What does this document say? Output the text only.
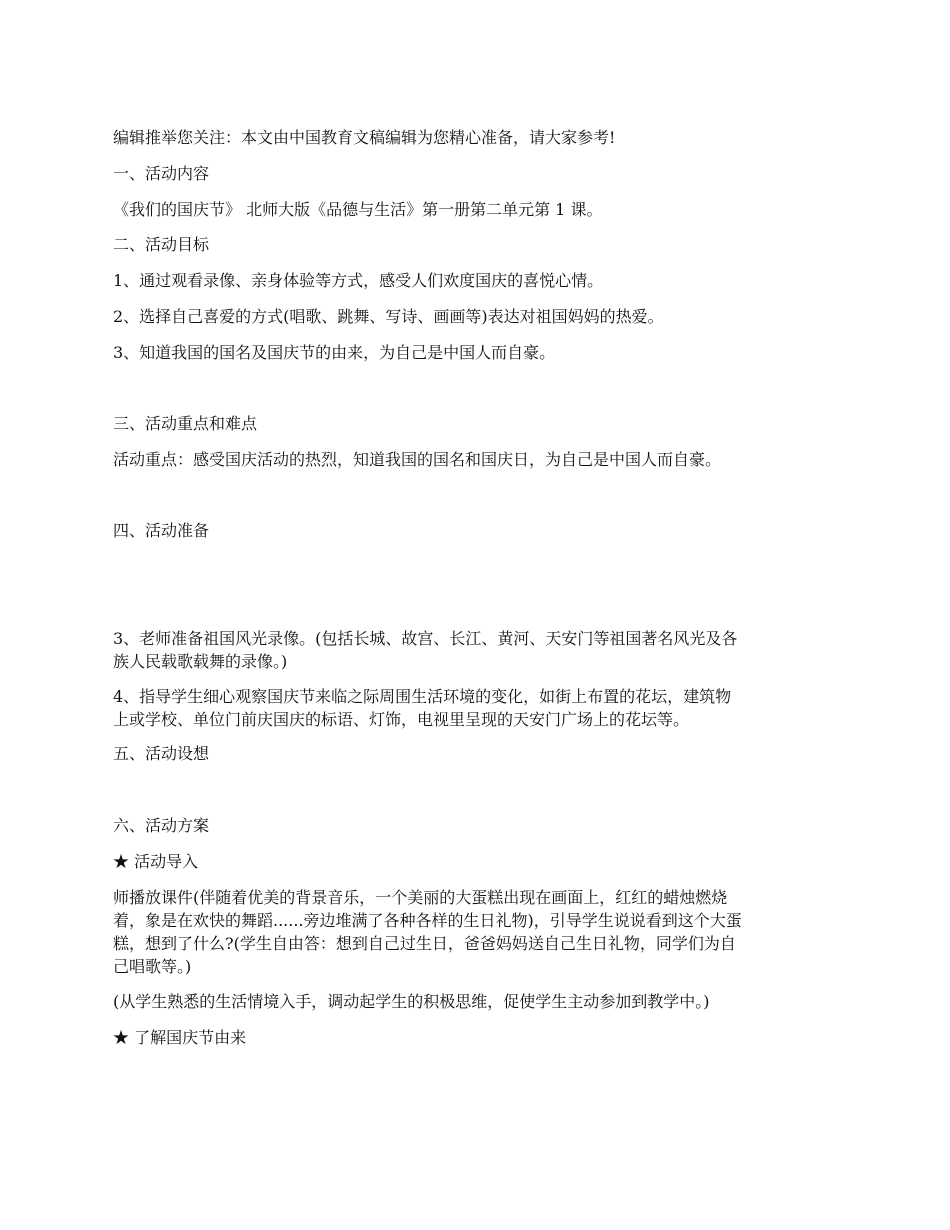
编辑推举您关注：本文由中国教育文稿编辑为您精心准备，请大家参考!

一、活动内容

《我们的国庆节》 北师大版《品德与生活》第一册第二单元第 1 课。

二、活动目标

1、通过观看录像、亲身体验等方式，感受人们欢度国庆的喜悦心情。

2、选择自己喜爱的方式(唱歌、跳舞、写诗、画画等)表达对祖国妈妈的热爱。

3、知道我国的国名及国庆节的由来，为自己是中国人而自豪。

三、活动重点和难点

活动重点：感受国庆活动的热烈，知道我国的国名和国庆日，为自己是中国人而自豪。

四、活动准备

3、老师准备祖国风光录像。(包括长城、故宫、长江、黄河、天安门等祖国著名风光及各

族人民载歌载舞的录像。)

4、指导学生细心观察国庆节来临之际周围生活环境的变化，如街上布置的花坛，建筑物

上或学校、单位门前庆国庆的标语、灯饰，电视里呈现的天安门广场上的花坛等。

五、活动设想

六、活动方案

★ 活动导入

师播放课件(伴随着优美的背景音乐，一个美丽的大蛋糕出现在画面上，红红的蜡烛燃烧

着，象是在欢快的舞蹈......旁边堆满了各种各样的生日礼物)，引导学生说说看到这个大蛋

糕，想到了什么?(学生自由答：想到自己过生日，爸爸妈妈送自己生日礼物，同学们为自

己唱歌等。)

(从学生熟悉的生活情境入手，调动起学生的积极思维，促使学生主动参加到教学中。)

★ 了解国庆节由来
